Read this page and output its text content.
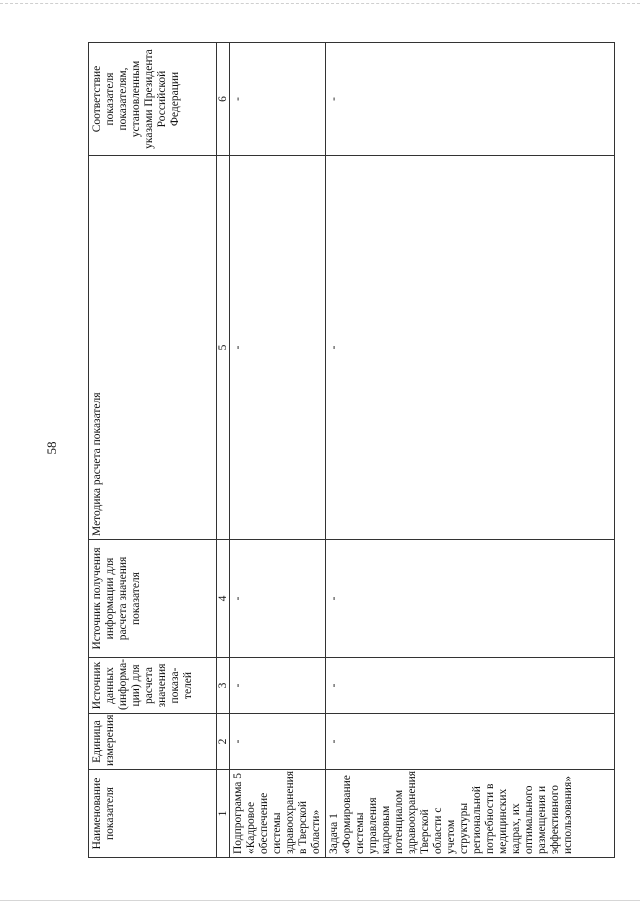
58
Наименование показателя	Единица измерения	Источник данных (информа-ции) для расчета значения показа-телей	Источник получения информации для расчета значения показателя	Методика расчета показателя	Соответствие показателя показателям, установленным указами Президента Российской Федерации
1	2	3	4	5	6
Подпрограмма 5 «Кадровое обеспечение системы здравоохранения в Тверской области»	-	-	-	-	-
Задача 1 «Формирование системы управления кадровым потенциалом здравоохранения Тверской области с учетом структуры региональной потребности в медицинских кадрах, их оптимального размещения и эффективного использования»	-	-	-	-	-
